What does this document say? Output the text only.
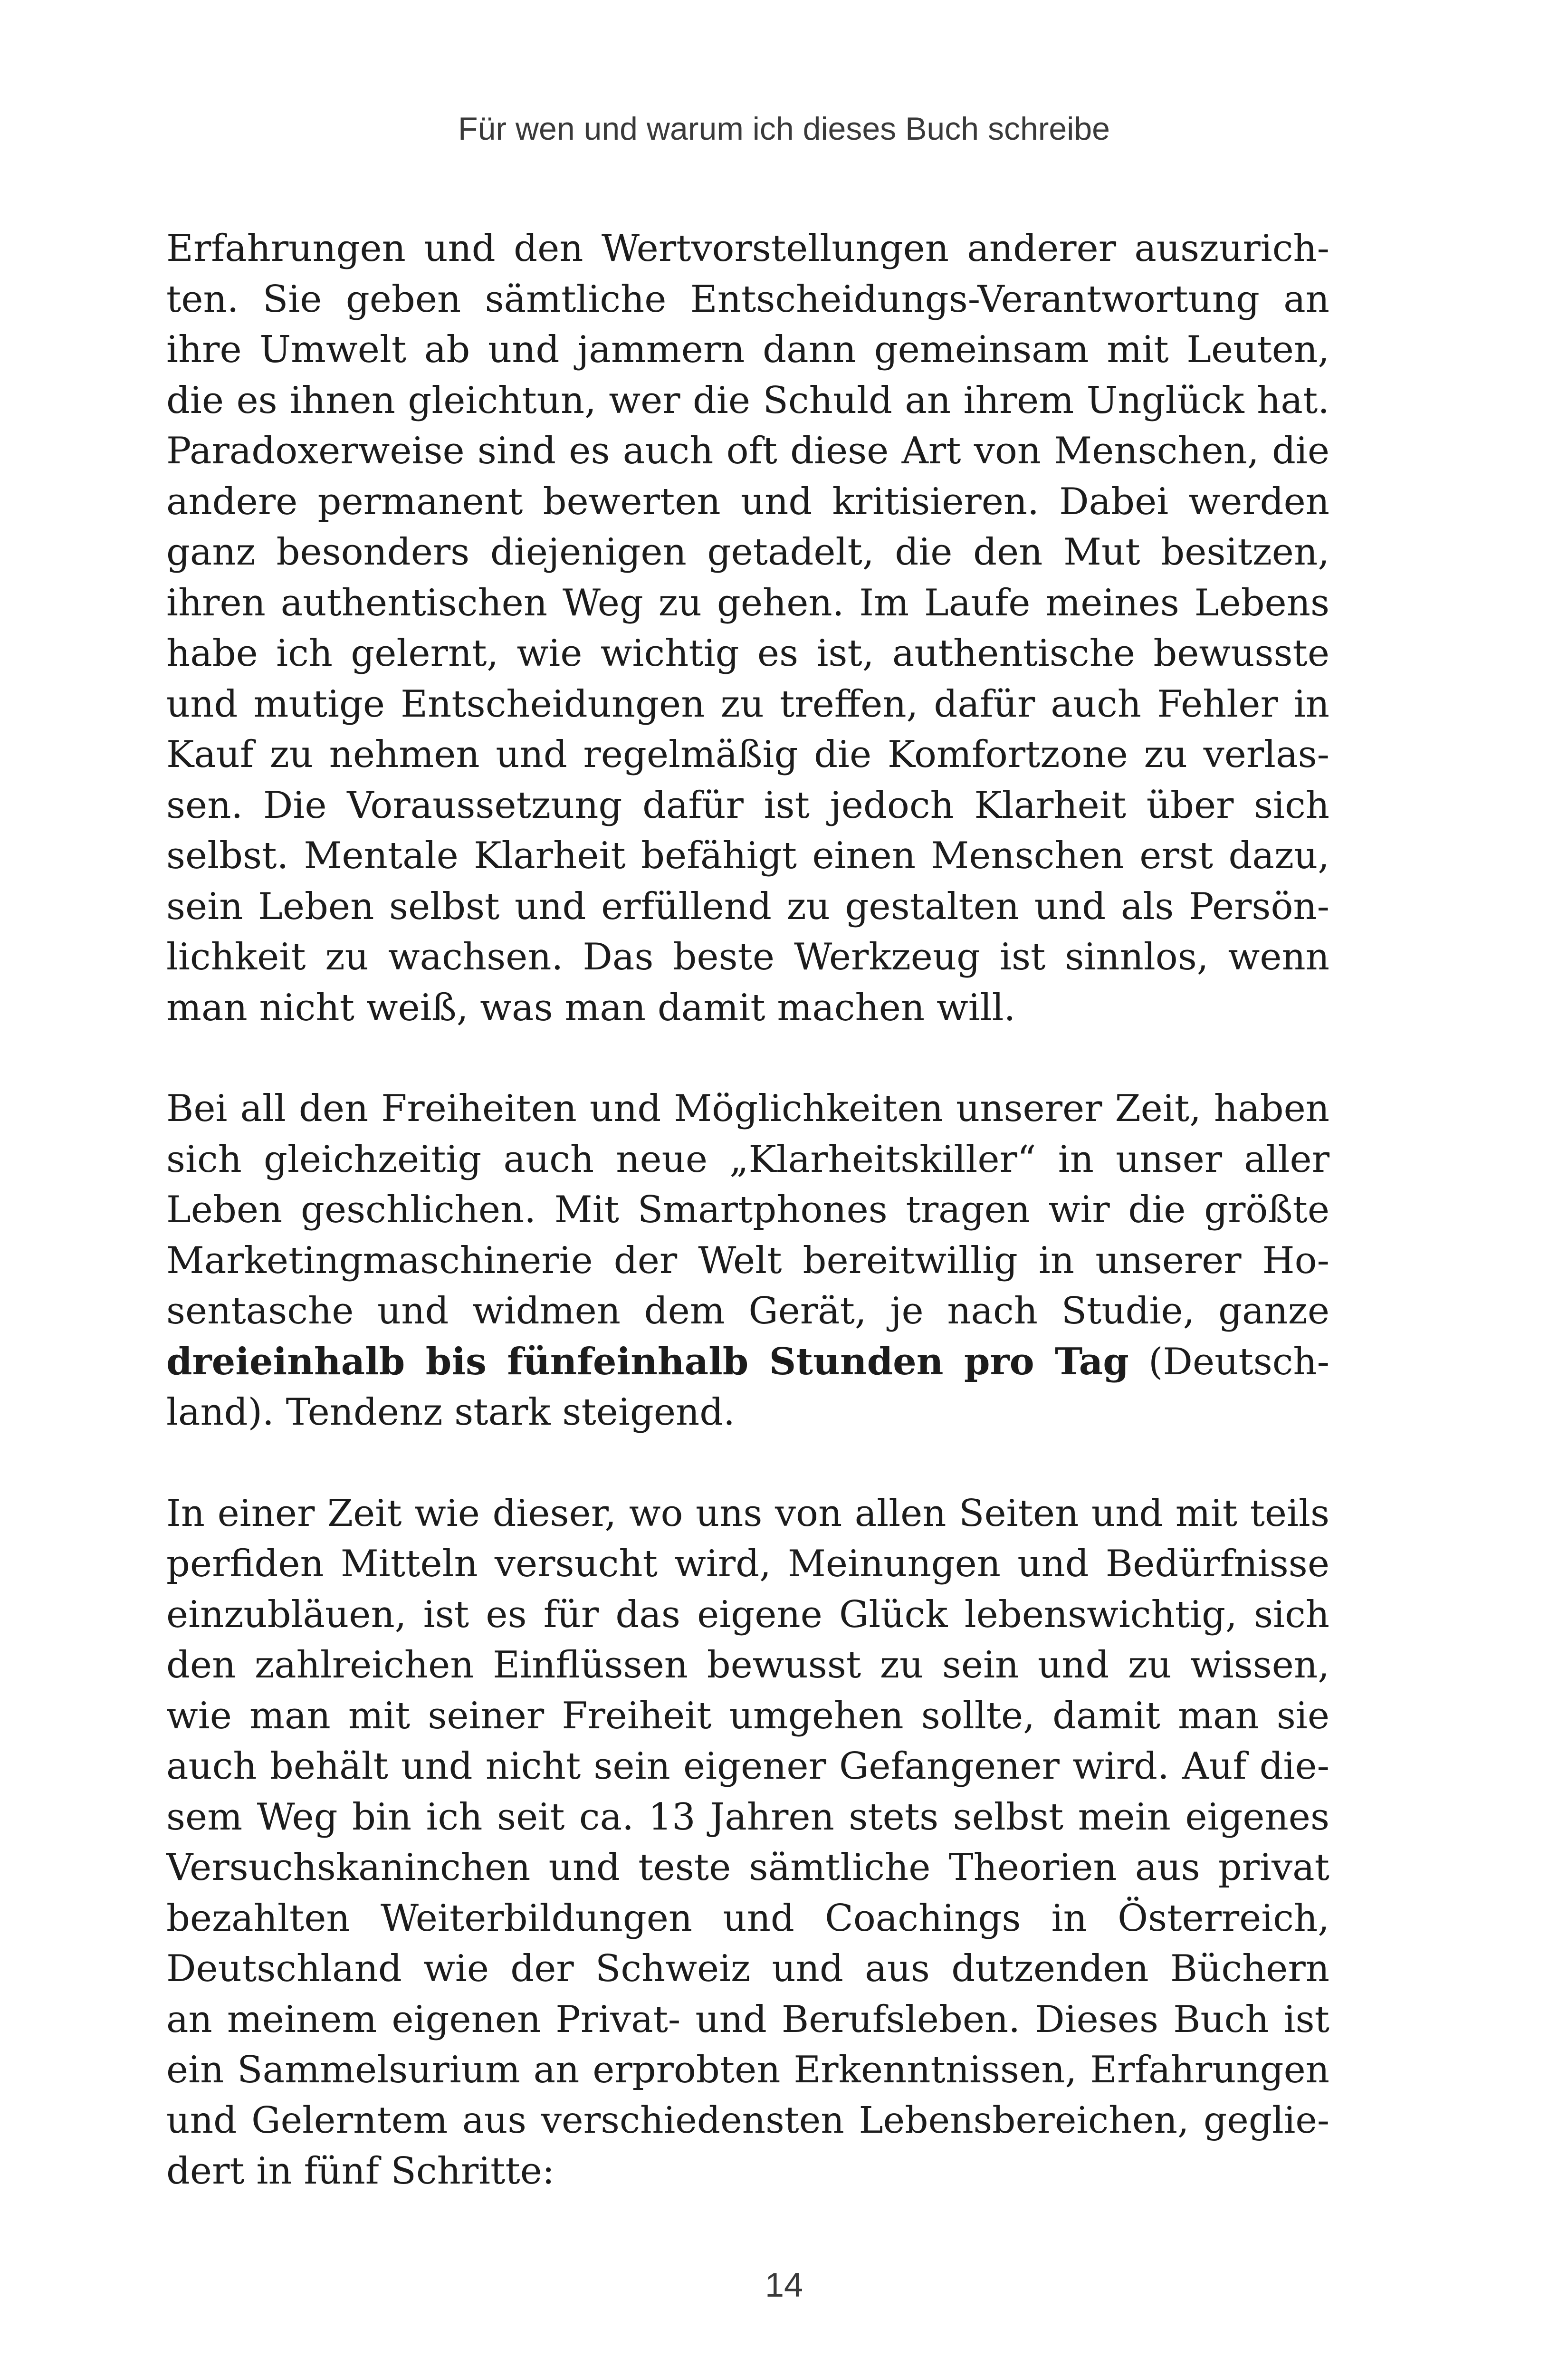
Für wen und warum ich dieses Buch schreibe

Erfahrungen und den Wertvorstellungen anderer auszurich-
ten. Sie geben sämtliche Entscheidungs-Verantwortung an
ihre Umwelt ab und jammern dann gemeinsam mit Leuten,
die es ihnen gleichtun, wer die Schuld an ihrem Unglück hat.
Paradoxerweise sind es auch oft diese Art von Menschen, die
andere permanent bewerten und kritisieren. Dabei werden
ganz besonders diejenigen getadelt, die den Mut besitzen,
ihren authentischen Weg zu gehen. Im Laufe meines Lebens
habe ich gelernt, wie wichtig es ist, authentische bewusste
und mutige Entscheidungen zu treffen, dafür auch Fehler in
Kauf zu nehmen und regelmäßig die Komfortzone zu verlas-
sen. Die Voraussetzung dafür ist jedoch Klarheit über sich
selbst. Mentale Klarheit befähigt einen Menschen erst dazu,
sein Leben selbst und erfüllend zu gestalten und als Persön-
lichkeit zu wachsen. Das beste Werkzeug ist sinnlos, wenn
man nicht weiß, was man damit machen will.

Bei all den Freiheiten und Möglichkeiten unserer Zeit, haben
sich gleichzeitig auch neue „Klarheitskiller“ in unser aller
Leben geschlichen. Mit Smartphones tragen wir die größte
Marketingmaschinerie der Welt bereitwillig in unserer Ho-
sentasche und widmen dem Gerät, je nach Studie, ganze
dreieinhalb bis fünfeinhalb Stunden pro Tag (Deutsch-
land). Tendenz stark steigend.

In einer Zeit wie dieser, wo uns von allen Seiten und mit teils
perfiden Mitteln versucht wird, Meinungen und Bedürfnisse
einzubläuen, ist es für das eigene Glück lebenswichtig, sich
den zahlreichen Einflüssen bewusst zu sein und zu wissen,
wie man mit seiner Freiheit umgehen sollte, damit man sie
auch behält und nicht sein eigener Gefangener wird. Auf die-
sem Weg bin ich seit ca. 13 Jahren stets selbst mein eigenes
Versuchskaninchen und teste sämtliche Theorien aus privat
bezahlten Weiterbildungen und Coachings in Österreich,
Deutschland wie der Schweiz und aus dutzenden Büchern
an meinem eigenen Privat- und Berufsleben. Dieses Buch ist
ein Sammelsurium an erprobten Erkenntnissen, Erfahrungen
und Gelerntem aus verschiedensten Lebensbereichen, geglie-
dert in fünf Schritte:

14
